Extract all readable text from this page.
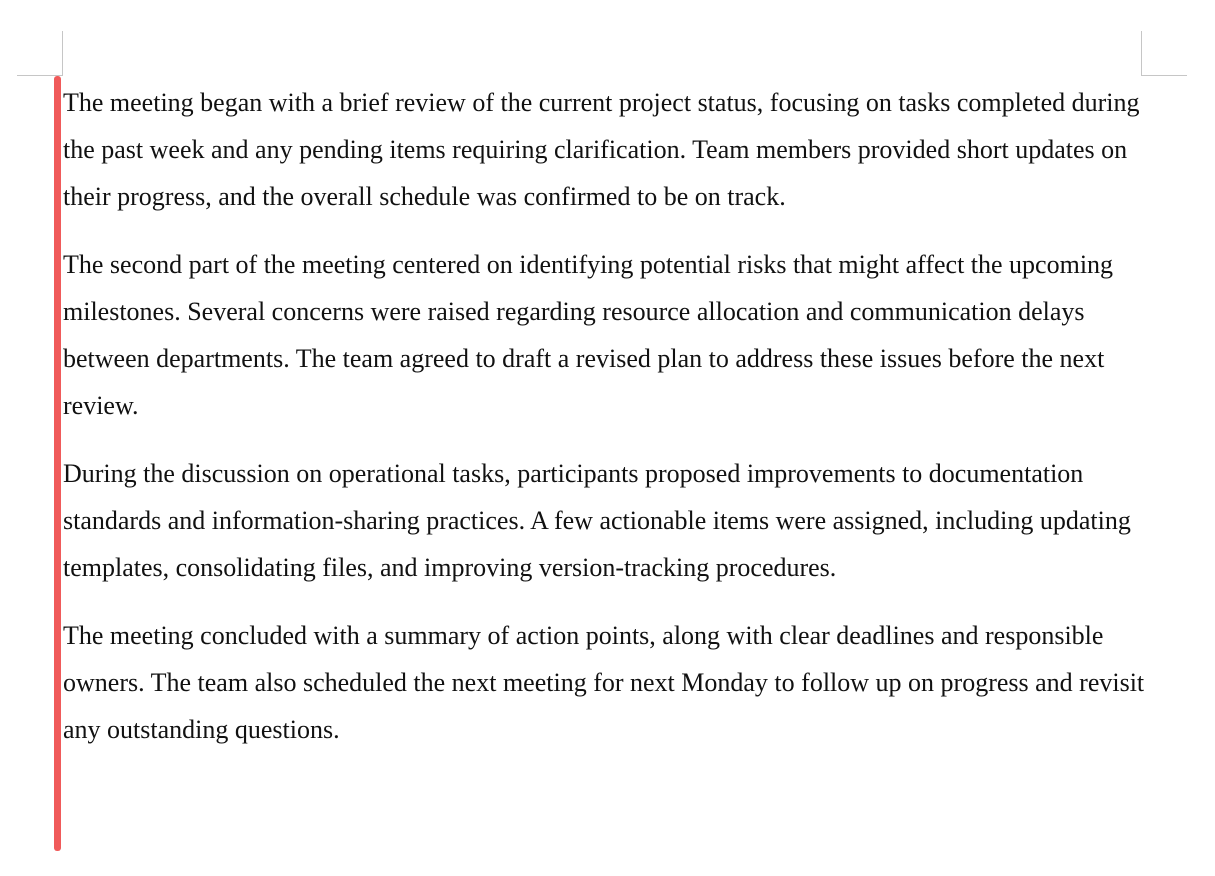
The meeting began with a brief review of the current project status, focusing on tasks completed during the past week and any pending items requiring clarification. Team members provided short updates on their progress, and the overall schedule was confirmed to be on track.

The second part of the meeting centered on identifying potential risks that might affect the upcoming milestones. Several concerns were raised regarding resource allocation and communication delays between departments. The team agreed to draft a revised plan to address these issues before the next review.

During the discussion on operational tasks, participants proposed improvements to documentation standards and information-sharing practices. A few actionable items were assigned, including updating templates, consolidating files, and improving version-tracking procedures.

The meeting concluded with a summary of action points, along with clear deadlines and responsible owners. The team also scheduled the next meeting for next Monday to follow up on progress and revisit any outstanding questions.
